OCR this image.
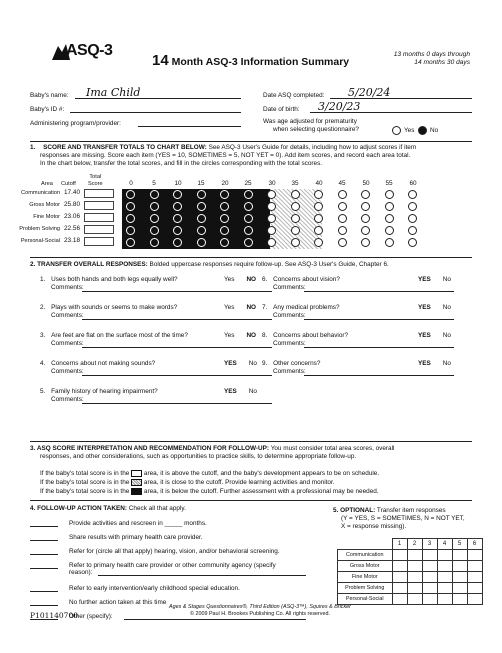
ASQ-3
14 Month ASQ-3 Information Summary
13 months 0 days through
14 months 30 days
Baby's name: Ima Child
Baby's ID #:
Administering program/provider:
Date ASQ completed: 5/20/24
Date of birth: 3/20/23
Was age adjusted for prematurity
when selecting questionnaire?	Yes No
1. SCORE AND TRANSFER TOTALS TO CHART BELOW: See ASQ-3 User's Guide for details, including how to adjust scores if item
responses are missing. Score each item (YES = 10, SOMETIMES = 5, NOT YET = 0). Add item scores, and record each area total.
In the chart below, transfer the total scores, and fill in the circles corresponding with the total scores.
Area Cutoff
Total
Score	0	5	10	15	20	25	30	35	40	45	50	55	60
Communication 17.40
Gross Motor 25.80
Fine Motor 23.06
Problem Solving 22.56
Personal-Social 23.18
2. TRANSFER OVERALL RESPONSES: Bolded uppercase responses require follow-up. See ASQ-3 User's Guide, Chapter 6.
1. Uses both hands and both legs equally well?
Comments:
Yes NO
2. Plays with sounds or seems to make words?
Comments:
Yes NO
3. Are feet are flat on the surface most of the time?
Comments:
Yes NO
4. Concerns about not making sounds?
Comments:
YES No
5. Family history of hearing impairment?
Comments:
YES No
6. Concerns about vision?
Comments:
YES No
7. Any medical problems?
Comments:
YES No
8. Concerns about behavior?
Comments:
YES No
9. Other concerns?
Comments:
YES No
3. ASQ SCORE INTERPRETATION AND RECOMMENDATION FOR FOLLOW-UP: You must consider total area scores, overall
responses, and other considerations, such as opportunities to practice skills, to determine appropriate follow-up.
If the baby's total score is in the area, it is above the cutoff, and the baby's development appears to be on schedule.
If the baby's total score is in the area, it is close to the cutoff. Provide learning activities and monitor.
If the baby's total score is in the area, it is below the cutoff. Further assessment with a professional may be needed.
4. FOLLOW-UP ACTION TAKEN: Check all that apply.
Provide activities and rescreen in _____ months.
Share results with primary health care provider.
Refer for (circle all that apply) hearing, vision, and/or behavioral screening.
Refer to primary health care provider or other community agency (specify
Refer to early intervention/early childhood special education.
No further action taken at this time
Other (specify):
reason):
5. OPTIONAL: Transfer item responses
(Y = YES, S = SOMETIMES, N = NOT YET,
X = response missing).
	1	2	3	4	5	6
Communication						
Gross Motor						
Fine Motor						
Problem Solving						
Personal-Social						
P101140700
Ages & Stages Questionnaires®, Third Edition (ASQ-3™), Squires & Bricker
© 2009 Paul H. Brookes Publishing Co. All rights reserved.
